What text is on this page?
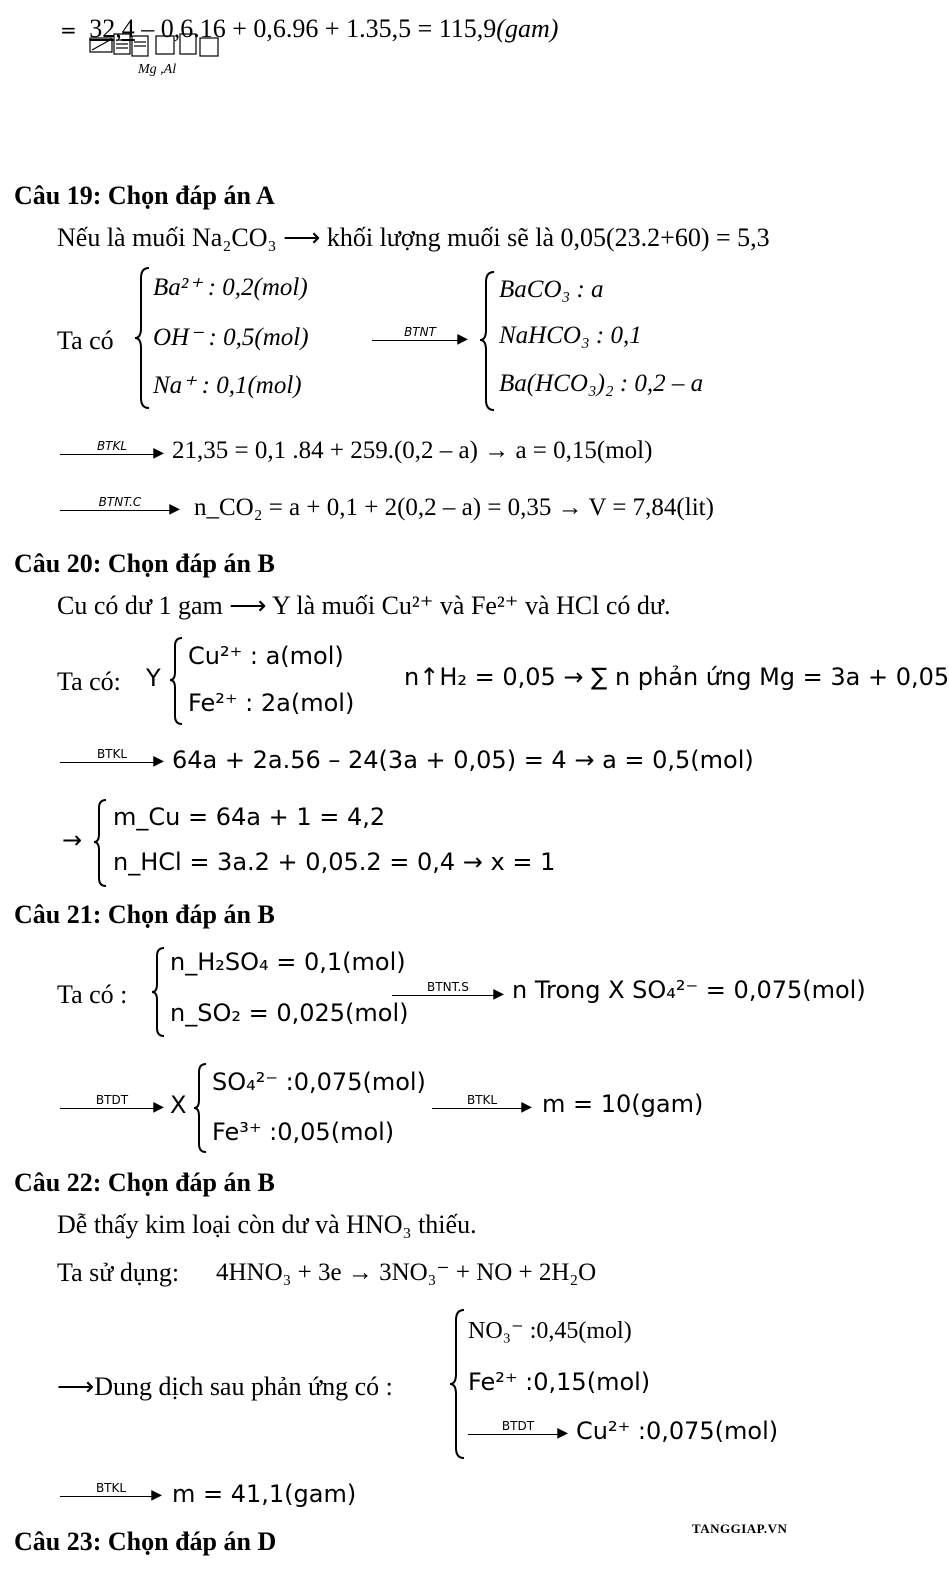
= 32,4 – 0,6.16 + 0,6.96 + 1.35,5 = 115,9(gam)
Mg ,Al
Câu 19: Chọn đáp án A
Nếu là muối Na₂CO₃ ⟶ khối lượng muối sẽ là 0,05(23.2+60) = 5,3
Ta có
Ba²⁺ : 0,2(mol)
OH⁻ : 0,5(mol)
Na⁺ : 0,1(mol)
▶
BTNT
BaCO₃ : a
NaHCO₃ : 0,1
Ba(HCO₃)₂ : 0,2 – a
▶
BTKL	21,35 = 0,1 .84 + 259.(0,2 – a) → a = 0,15(mol)
▶
BTNT.C	n_CO₂ = a + 0,1 + 2(0,2 – a) = 0,35 → V = 7,84(lit)
Câu 20: Chọn đáp án B
Cu có dư 1 gam ⟶ Y là muối Cu²⁺ và Fe²⁺ và HCl có dư.
Ta có: Y
Cu²⁺ : a(mol)
Fe²⁺ : 2a(mol)
n↑H₂ = 0,05 → ∑ n phản ứng Mg = 3a + 0,05
▶
BTKL	64a + 2a.56 – 24(3a + 0,05) = 4 → a = 0,5(mol)
→
m_Cu = 64a + 1 = 4,2
n_HCl = 3a.2 + 0,05.2 = 0,4 → x = 1
Câu 21: Chọn đáp án B
Ta có :
n_H₂SO₄ = 0,1(mol)
n_SO₂ = 0,025(mol)
▶
BTNT.S	n Trong X SO₄²⁻ = 0,075(mol)
▶
BTDT	X
SO₄²⁻ :0,075(mol)
Fe³⁺ :0,05(mol)
▶
BTKL	m = 10(gam)
Câu 22: Chọn đáp án B
Dễ thấy kim loại còn dư và HNO₃ thiếu.
Ta sử dụng: 4HNO₃ + 3e → 3NO₃⁻ + NO + 2H₂O
⟶Dung dịch sau phản ứng có :
NO₃⁻ :0,45(mol)
Fe²⁺ :0,15(mol)
▶
BTDT	Cu²⁺ :0,075(mol)
▶
BTKL	m = 41,1(gam)
Câu 23: Chọn đáp án D	TANGGIAP.VN
